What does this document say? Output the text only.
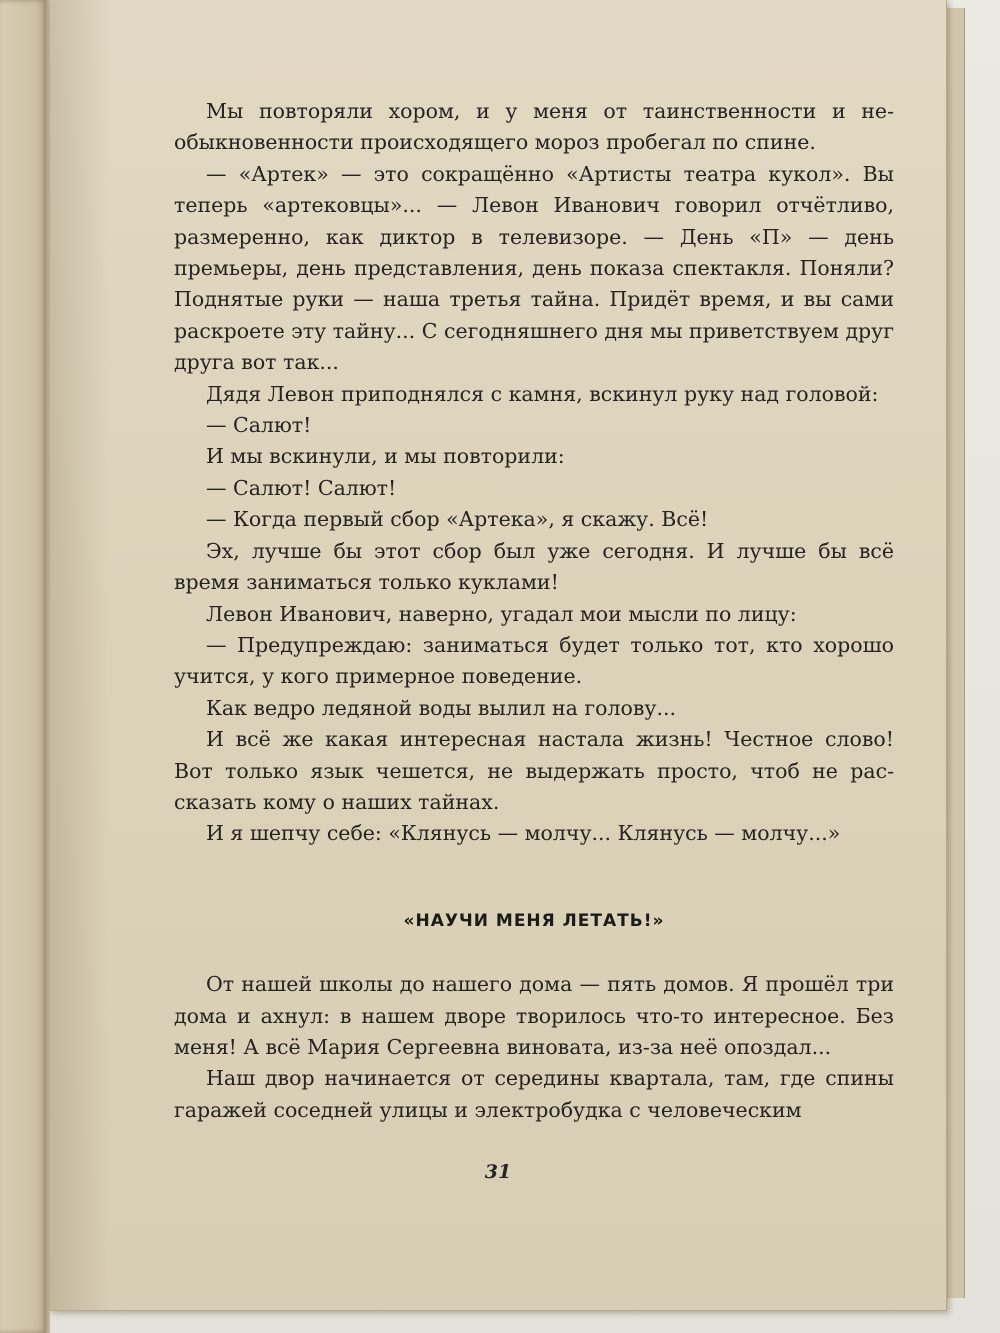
Мы повторяли хором, и у меня от таинственности и необыкновенности происходящего мороз пробегал по спине.

— «Артек» — это сокращённо «Артисты театра кукол». Вы теперь «артековцы»... — Левон Иванович говорил отчётливо, размеренно, как диктор в телевизоре. — День «П» — день премьеры, день представления, день показа спектакля. Поняли? Поднятые руки — наша третья тайна. Придёт время, и вы сами раскроете эту тайну... С сегодняшнего дня мы приветствуем друг друга вот так...

Дядя Левон приподнялся с камня, вскинул руку над головой:

— Салют!

И мы вскинули, и мы повторили:

— Салют! Салют!

— Когда первый сбор «Артека», я скажу. Всё!

Эх, лучше бы этот сбор был уже сегодня. И лучше бы всё время заниматься только куклами!

Левон Иванович, наверно, угадал мои мысли по лицу:

— Предупреждаю: заниматься будет только тот, кто хорошо учится, у кого примерное поведение.

Как ведро ледяной воды вылил на голову...

И всё же какая интересная настала жизнь! Честное слово! Вот только язык чешется, не выдержать просто, чтоб не рассказать кому о наших тайнах.

И я шепчу себе: «Клянусь — молчу... Клянусь — молчу...»

«НАУЧИ МЕНЯ ЛЕТАТЬ!»

От нашей школы до нашего дома — пять домов. Я прошёл три дома и ахнул: в нашем дворе творилось что-то интересное. Без меня! А всё Мария Сергеевна виновата, из-за неё опоздал...

Наш двор начинается от середины квартала, там, где спины гаражей соседней улицы и электробудка с человеческим

31
